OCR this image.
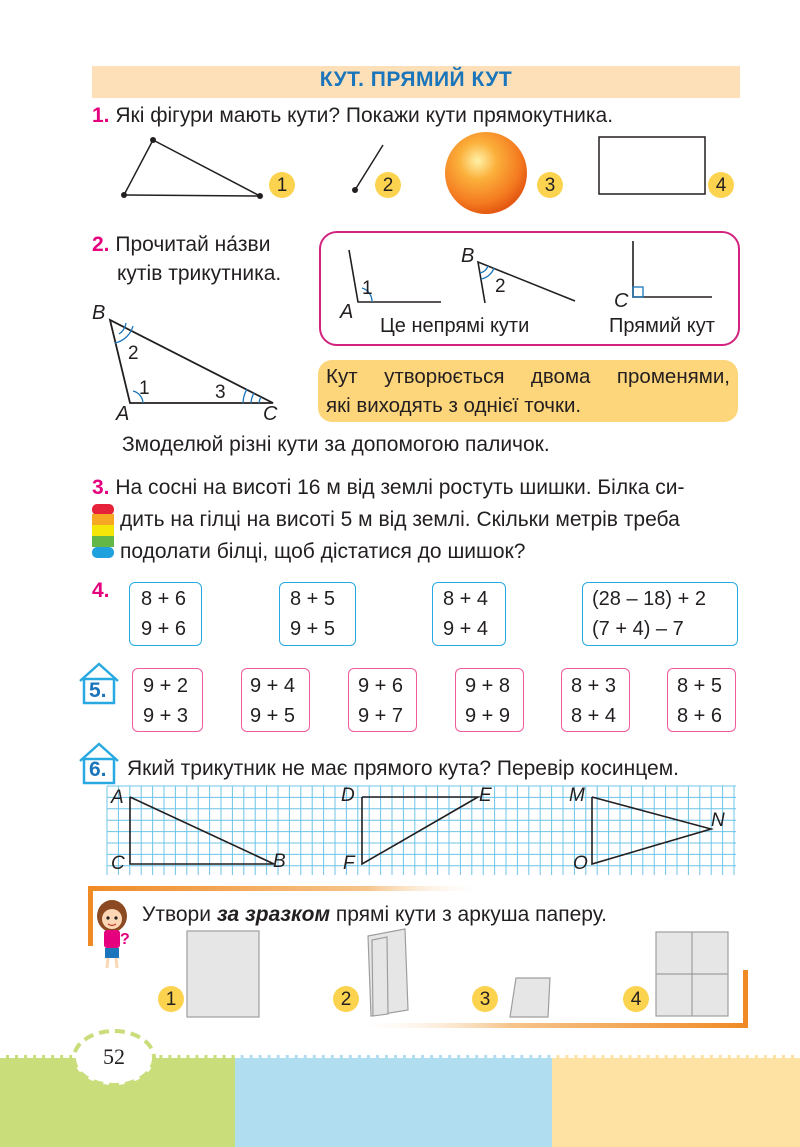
КУТ. ПРЯМИЙ КУТ
1. Які фігури мають кути? Покажи кути прямокутника.
1	2	3	4
2. Прочитай на́зви
кутів трикутника.
B
2
1	3
A	C
A
1
B
2
C
Це непрямі кути	Прямий кут
Кут утворюється двома променями,
які виходять з однієї точки.
Змоделюй різні кути за допомогою паличок.
3. На сосні на висоті 16 м від землі ростуть шишки. Білка си-
дить на гілці на висоті 5 м від землі. Скільки метрів треба
подолати білці, щоб дістатися до шишок?
4. 8 + 6
9 + 6
8 + 5
9 + 5
8 + 4
9 + 4
(28 – 18) + 2
(7 + 4) – 7
5. 9 + 2
9 + 3
9 + 4
9 + 5
9 + 6
9 + 7
9 + 8
9 + 9
8 + 3
8 + 4
8 + 5
8 + 6
6. Який трикутник не має прямого кута? Перевір косинцем.
A
C	B
D	E
F
M
N
O
?
Утвори за зразком прямі кути з аркуша паперу.
1	2	3	4
52
